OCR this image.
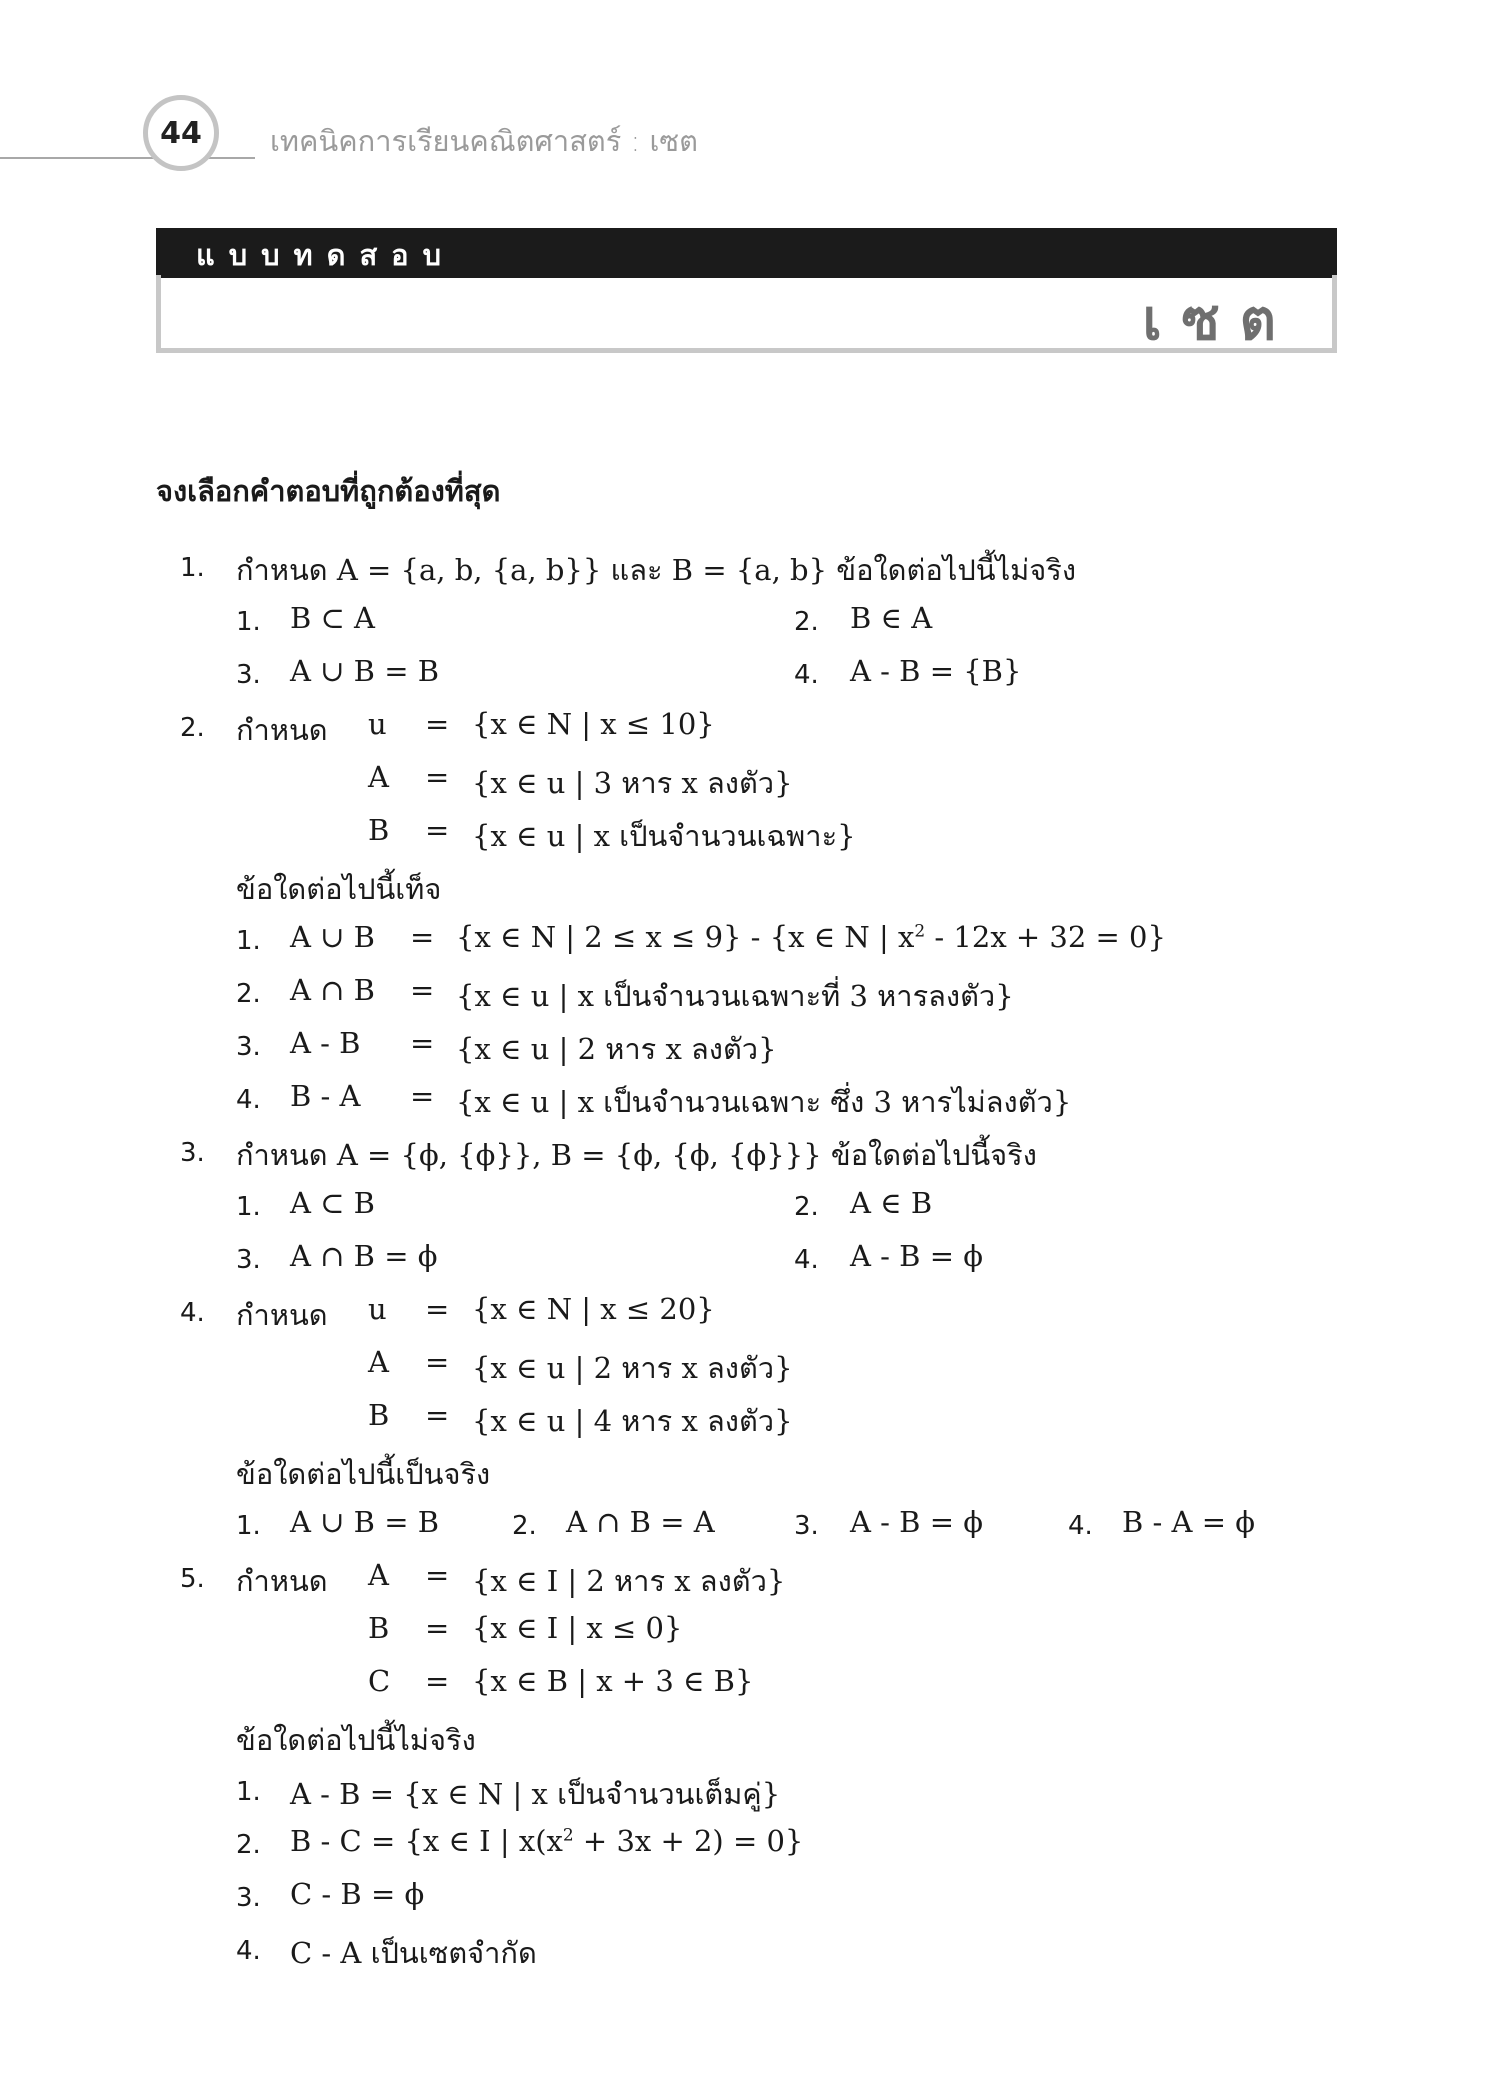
44 เทคนิคการเรียนคณิตศาสตร์ : เซต
แบบทดสอบ
เซต
จงเลือกคำตอบที่ถูกต้องที่สุด
1. กำหนด A = {a, b, {a, b}} และ B = {a, b} ข้อใดต่อไปนี้ไม่จริง
1. B ⊂ A	2. B ∈ A
3. A ∪ B = B	4. A - B = {B}
2. กำหนด u = {x ∈ N | x ≤ 10}
A = {x ∈ u | 3 หาร x ลงตัว}
B = {x ∈ u | x เป็นจำนวนเฉพาะ}
ข้อใดต่อไปนี้เท็จ
1. A ∪ B = {x ∈ N | 2 ≤ x ≤ 9} - {x ∈ N | $x^2 - 12x + 32 = 0$}
2. A ∩ B = {x ∈ u | x เป็นจำนวนเฉพาะที่ 3 หารลงตัว}
3. A - B = {x ∈ u | 2 หาร x ลงตัว}
4. B - A = {x ∈ u | x เป็นจำนวนเฉพาะ ซึ่ง 3 หารไม่ลงตัว}
3. กำหนด A = {ϕ, {ϕ}}, B = {ϕ, {ϕ, {ϕ}}} ข้อใดต่อไปนี้จริง
1. A ⊂ B	2. A ∈ B
3. A ∩ B = ϕ	4. A - B = ϕ
4. กำหนด u = {x ∈ N | x ≤ 20}
A = {x ∈ u | 2 หาร x ลงตัว}
B = {x ∈ u | 4 หาร x ลงตัว}
ข้อใดต่อไปนี้เป็นจริง
1. A ∪ B = B	2. A ∩ B = A	3. A - B = ϕ	4. B - A = ϕ
5. กำหนด A = {x ∈ I | 2 หาร x ลงตัว}
B = {x ∈ I | x ≤ 0}
C = {x ∈ B | x + 3 ∈ B}
ข้อใดต่อไปนี้ไม่จริง
1. A - B = {x ∈ N | x เป็นจำนวนเต็มคู่}
2. B - C = {x ∈ I | $x(x^2 + 3x + 2) = 0$}
3. C - B = ϕ
4. C - A เป็นเซตจำกัด
